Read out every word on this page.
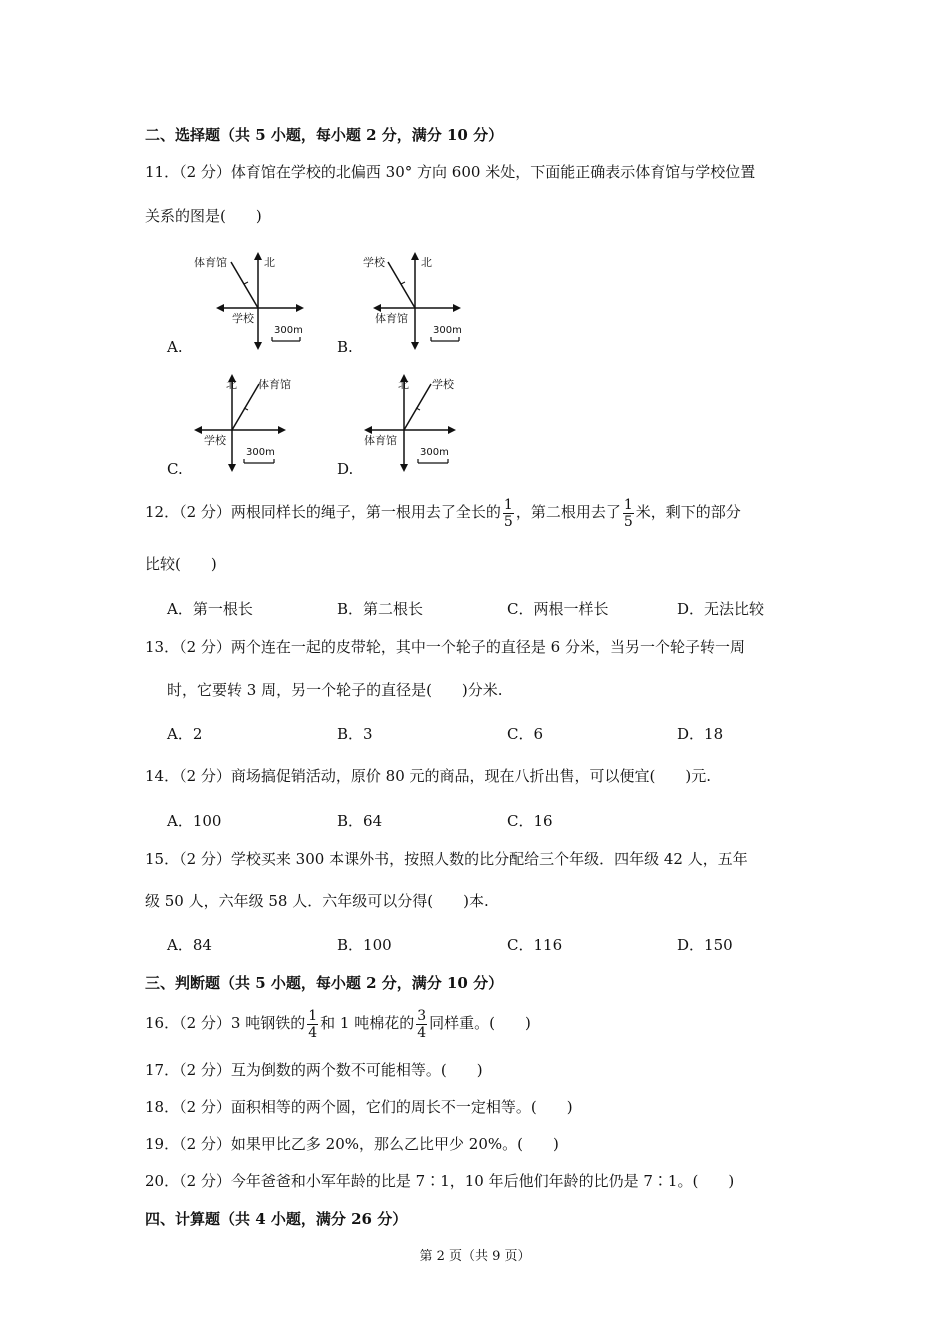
二、选择题（共 5 小题，每小题 2 分，满分 10 分）
11．（2 分）体育馆在学校的北偏西 30° 方向 600 米处，下面能正确表示体育馆与学校位置
关系的图是(　　)
A.
体育馆	北
学校
300m
B.
学校	北
体育馆
300m
C.
体育馆
北
学校
300m
D.
学校
北
体育馆
300m
12．（2 分）两根同样长的绳子，第一根用去了全长的 $\frac{1}{5}$ ，第二根用去了 $\frac{1}{5}$ 米，剩下的部分
比较(　　)
A．第一根长	B．第二根长	C．两根一样长	D．无法比较
13．（2 分）两个连在一起的皮带轮，其中一个轮子的直径是 6 分米，当另一个轮子转一周
时，它要转 3 周，另一个轮子的直径是(　　)分米.
A．2	B．3	C．6	D．18
14．（2 分）商场搞促销活动，原价 80 元的商品，现在八折出售，可以便宜(　　)元.
A．100	B．64	C．16
15．（2 分）学校买来 300 本课外书，按照人数的比分配给三个年级．四年级 42 人，五年
级 50 人，六年级 58 人．六年级可以分得(　　)本.
A．84	B．100	C．116	D．150
三、判断题（共 5 小题，每小题 2 分，满分 10 分）
16．（2 分）3 吨钢铁的 $\frac{1}{4}$ 和 1 吨棉花的 $\frac{3}{4}$ 同样重。(　　)
17．（2 分）互为倒数的两个数不可能相等。(　　)
18．（2 分）面积相等的两个圆，它们的周长不一定相等。(　　)
19．（2 分）如果甲比乙多 20%，那么乙比甲少 20%。(　　)
20．（2 分）今年爸爸和小军年龄的比是 7∶1，10 年后他们年龄的比仍是 7∶1。(　　)
四、计算题（共 4 小题，满分 26 分）
第 2 页（共 9 页）
